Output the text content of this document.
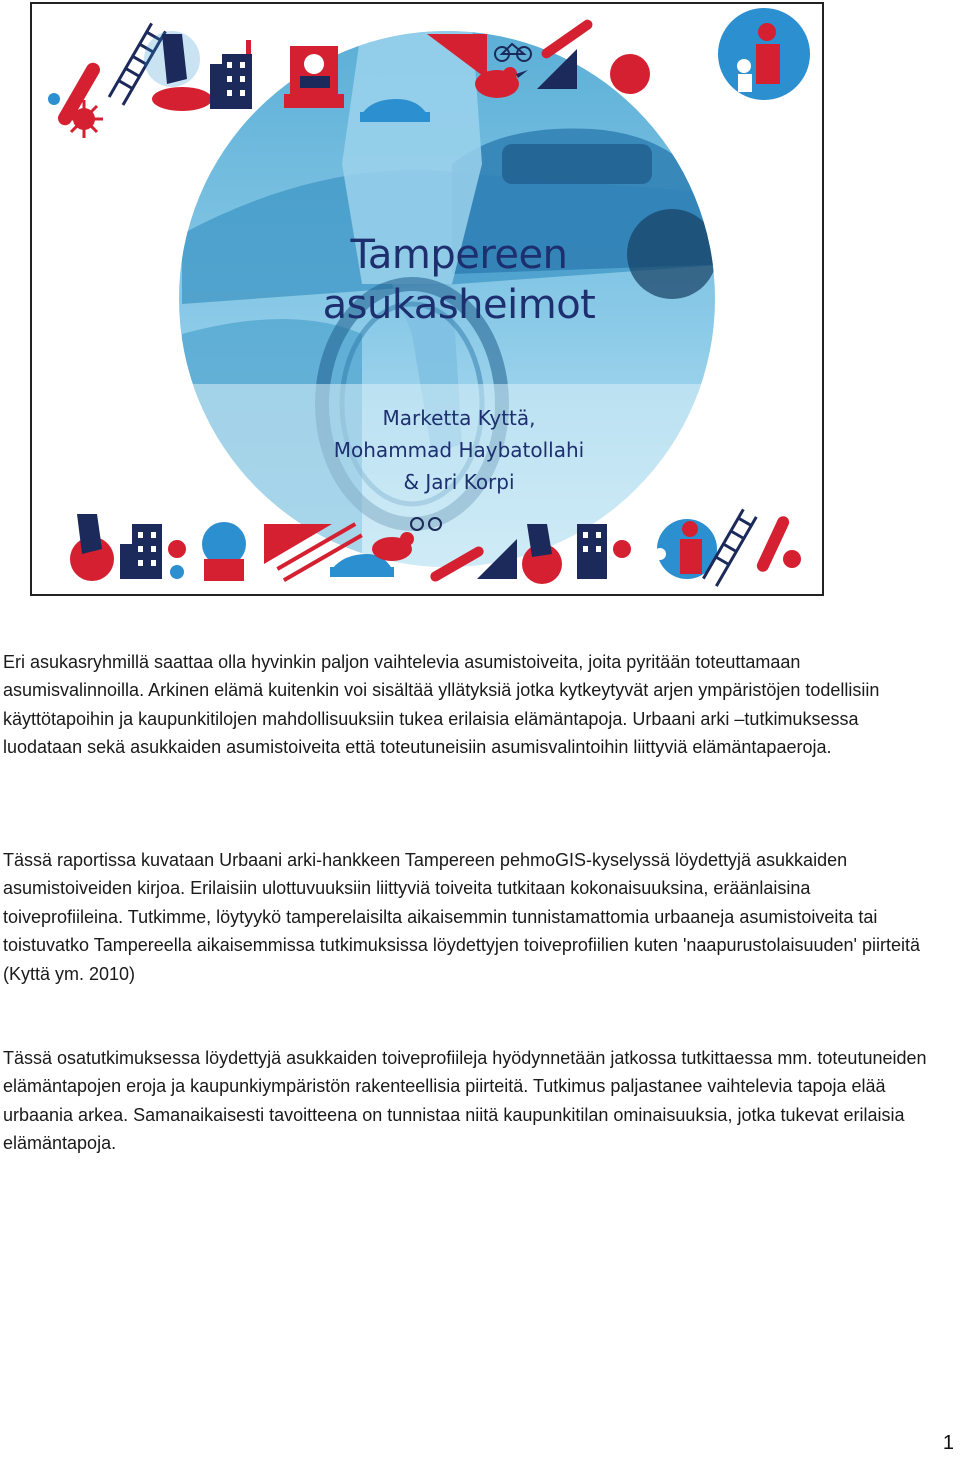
Tampereen
asukasheimot
Marketta Kyttä,
Mohammad Haybatollahi
& Jari Korpi

Eri asukasryhmillä saattaa olla hyvinkin paljon vaihtelevia asumistoiveita, joita pyritään toteuttamaan asumisvalinnoilla. Arkinen elämä kuitenkin voi sisältää yllätyksiä jotka kytkeytyvät arjen ympäristöjen todellisiin käyttötapoihin ja kaupunkitilojen mahdollisuuksiin tukea erilaisia elämäntapoja. Urbaani arki –tutkimuksessa luodataan sekä asukkaiden asumistoiveita että toteutuneisiin asumisvalintoihin liittyviä elämäntapaeroja.

Tässä raportissa kuvataan Urbaani arki-hankkeen Tampereen pehmoGIS-kyselyssä löydettyjä asukkaiden asumistoiveiden kirjoa. Erilaisiin ulottuvuuksiin liittyviä toiveita tutkitaan kokonaisuuksina, eräänlaisina toiveprofiileina. Tutkimme, löytyykö tamperelaisilta aikaisemmin tunnistamattomia urbaaneja asumistoiveita tai toistuvatko Tampereella aikaisemmissa tutkimuksissa löydettyjen toiveprofiilien kuten 'naapurustolaisuuden' piirteitä (Kyttä ym. 2010)

Tässä osatutkimuksessa löydettyjä asukkaiden toiveprofiileja hyödynnetään jatkossa tutkittaessa mm. toteutuneiden elämäntapojen eroja ja kaupunkiympäristön rakenteellisia piirteitä. Tutkimus paljastanee vaihtelevia tapoja elää urbaania arkea. Samanaikaisesti tavoitteena on tunnistaa niitä kaupunkitilan ominaisuuksia, jotka tukevat erilaisia elämäntapoja.

1
